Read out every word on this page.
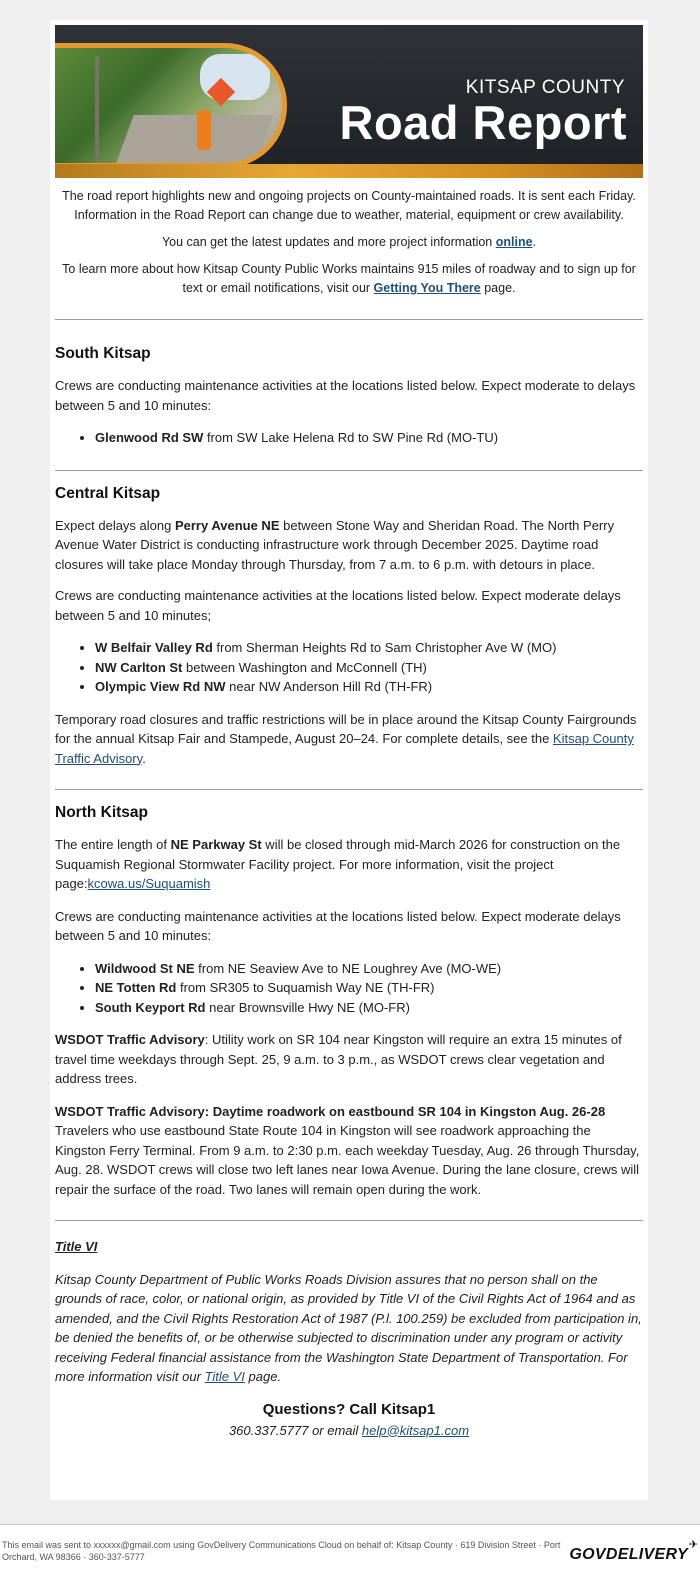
KITSAP COUNTY
Road Report

The road report highlights new and ongoing projects on County-maintained roads. It is sent each Friday. Information in the Road Report can change due to weather, material, equipment or crew availability.

You can get the latest updates and more project information online.

To learn more about how Kitsap County Public Works maintains 915 miles of roadway and to sign up for text or email notifications, visit our Getting You There page.

South Kitsap

Crews are conducting maintenance activities at the locations listed below. Expect moderate to delays between 5 and 10 minutes:

• Glenwood Rd SW from SW Lake Helena Rd to SW Pine Rd (MO-TU)
Central Kitsap

Expect delays along Perry Avenue NE between Stone Way and Sheridan Road. The North Perry Avenue Water District is conducting infrastructure work through December 2025. Daytime road closures will take place Monday through Thursday, from 7 a.m. to 6 p.m. with detours in place.

Crews are conducting maintenance activities at the locations listed below. Expect moderate delays between 5 and 10 minutes;

• W Belfair Valley Rd from Sherman Heights Rd to Sam Christopher Ave W (MO)
• NW Carlton St between Washington and McConnell (TH)
• Olympic View Rd NW near NW Anderson Hill Rd (TH-FR)

Temporary road closures and traffic restrictions will be in place around the Kitsap County Fairgrounds for the annual Kitsap Fair and Stampede, August 20–24. For complete details, see the Kitsap County Traffic Advisory.

North Kitsap

The entire length of NE Parkway St will be closed through mid-March 2026 for construction on the Suquamish Regional Stormwater Facility project. For more information, visit the project page:kcowa.us/Suquamish

Crews are conducting maintenance activities at the locations listed below. Expect moderate delays between 5 and 10 minutes:

• Wildwood St NE from NE Seaview Ave to NE Loughrey Ave (MO-WE)
• NE Totten Rd from SR305 to Suquamish Way NE (TH-FR)
• South Keyport Rd near Brownsville Hwy NE (MO-FR)

WSDOT Traffic Advisory: Utility work on SR 104 near Kingston will require an extra 15 minutes of travel time weekdays through Sept. 25, 9 a.m. to 3 p.m., as WSDOT crews clear vegetation and address trees.

WSDOT Traffic Advisory: Daytime roadwork on eastbound SR 104 in Kingston Aug. 26-28
Travelers who use eastbound State Route 104 in Kingston will see roadwork approaching the Kingston Ferry Terminal. From 9 a.m. to 2:30 p.m. each weekday Tuesday, Aug. 26 through Thursday, Aug. 28. WSDOT crews will close two left lanes near Iowa Avenue. During the lane closure, crews will repair the surface of the road. Two lanes will remain open during the work.

Title VI

Kitsap County Department of Public Works Roads Division assures that no person shall on the grounds of race, color, or national origin, as provided by Title VI of the Civil Rights Act of 1964 and as amended, and the Civil Rights Restoration Act of 1987 (P.l. 100.259) be excluded from participation in, be denied the benefits of, or be otherwise subjected to discrimination under any program or activity receiving Federal financial assistance from the Washington State Department of Transportation. For more information visit our Title VI page.

Questions? Call Kitsap1
360.337.5777 or email help@kitsap1.com
This email was sent to xxxxxx@gmail.com using GovDelivery Communications Cloud on behalf of: Kitsap County · 619 Division Street · Port Orchard, WA 98366 · 360-337-5777
✈
GOVDELIVERY
